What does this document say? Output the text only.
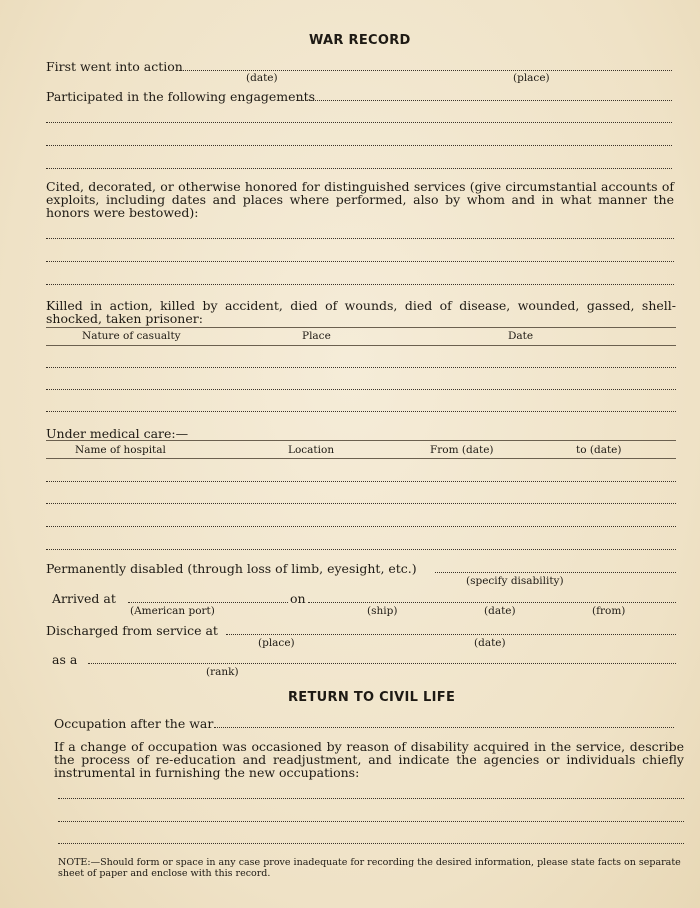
WAR RECORD
First went into action
(date)	(place)
Participated in the following engagements
Cited, decorated, or otherwise honored for distinguished services (give circumstantial accounts of exploits, including dates and places where performed, also by whom and in what manner the honors were bestowed):
Killed in action, killed by accident, died of wounds, died of disease, wounded, gassed, shell-shocked, taken prisoner:
Nature of casualty	Place	Date
Under medical care:—
Name of hospital	Location	From (date)	to (date)
Permanently disabled (through loss of limb, eyesight, etc.)
(specify disability)
Arrived at	on
(American port)	(ship)	(date)	(from)
Discharged from service at
(place)	(date)
as a
(rank)
RETURN TO CIVIL LIFE
Occupation after the war
If a change of occupation was occasioned by reason of disability acquired in the service, describe the process of re-education and readjustment, and indicate the agencies or individuals chiefly instrumental in furnishing the new occupations:
NOTE:—Should form or space in any case prove inadequate for recording the desired information, please state facts on separate sheet of paper and enclose with this record.
